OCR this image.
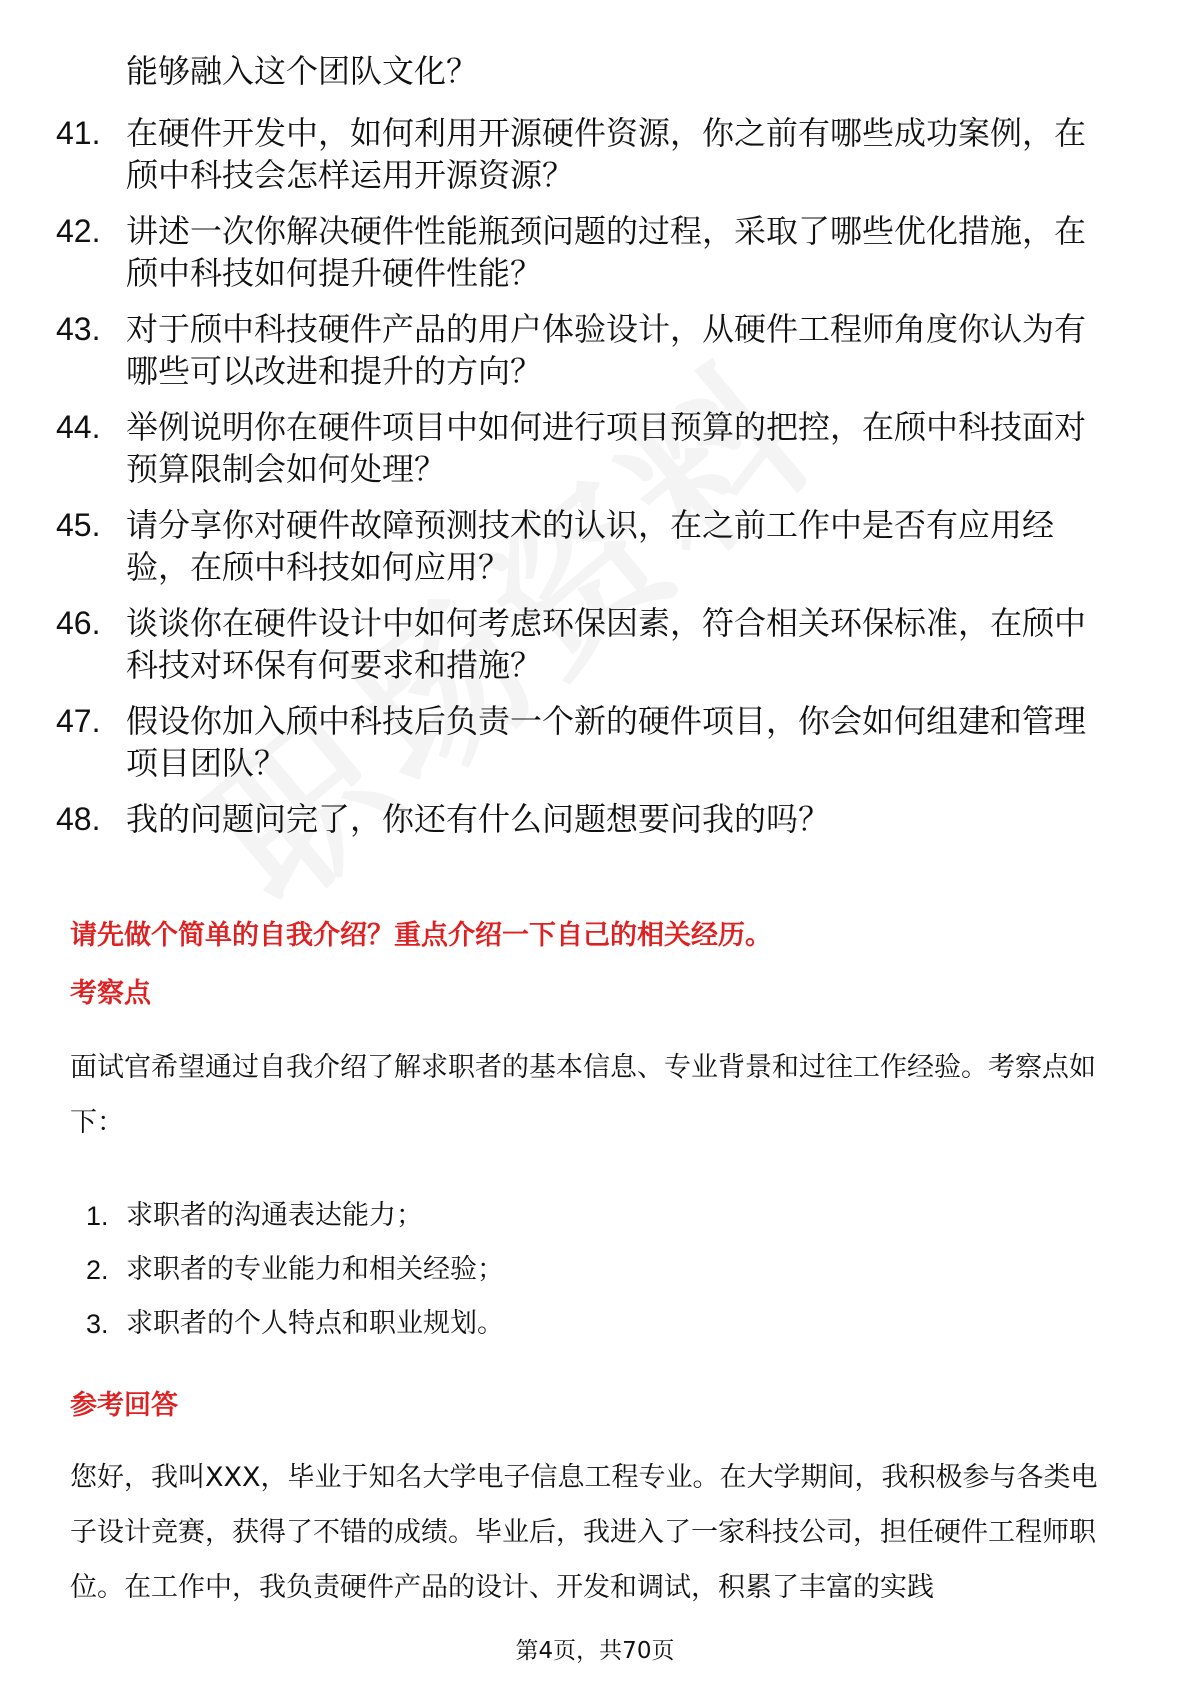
能够融入这个团队文化？
41. 在硬件开发中，如何利用开源硬件资源，你之前有哪些成功案例，在颀中科技会怎样运用开源资源？
42. 讲述一次你解决硬件性能瓶颈问题的过程，采取了哪些优化措施，在颀中科技如何提升硬件性能？
43. 对于颀中科技硬件产品的用户体验设计，从硬件工程师角度你认为有哪些可以改进和提升的方向？
44. 举例说明你在硬件项目中如何进行项目预算的把控，在颀中科技面对预算限制会如何处理？
45. 请分享你对硬件故障预测技术的认识，在之前工作中是否有应用经验，在颀中科技如何应用？
46. 谈谈你在硬件设计中如何考虑环保因素，符合相关环保标准，在颀中科技对环保有何要求和措施？
47. 假设你加入颀中科技后负责一个新的硬件项目，你会如何组建和管理项目团队？
48. 我的问题问完了，你还有什么问题想要问我的吗？
请先做个简单的自我介绍？重点介绍一下自己的相关经历。
考察点
面试官希望通过自我介绍了解求职者的基本信息、专业背景和过往工作经验。考察点如下：
1. 求职者的沟通表达能力；
2. 求职者的专业能力和相关经验；
3. 求职者的个人特点和职业规划。
参考回答
您好，我叫XXX，毕业于知名大学电子信息工程专业。在大学期间，我积极参与各类电子设计竞赛，获得了不错的成绩。毕业后，我进入了一家科技公司，担任硬件工程师职位。在工作中，我负责硬件产品的设计、开发和调试，积累了丰富的实践
第4页，共70页
